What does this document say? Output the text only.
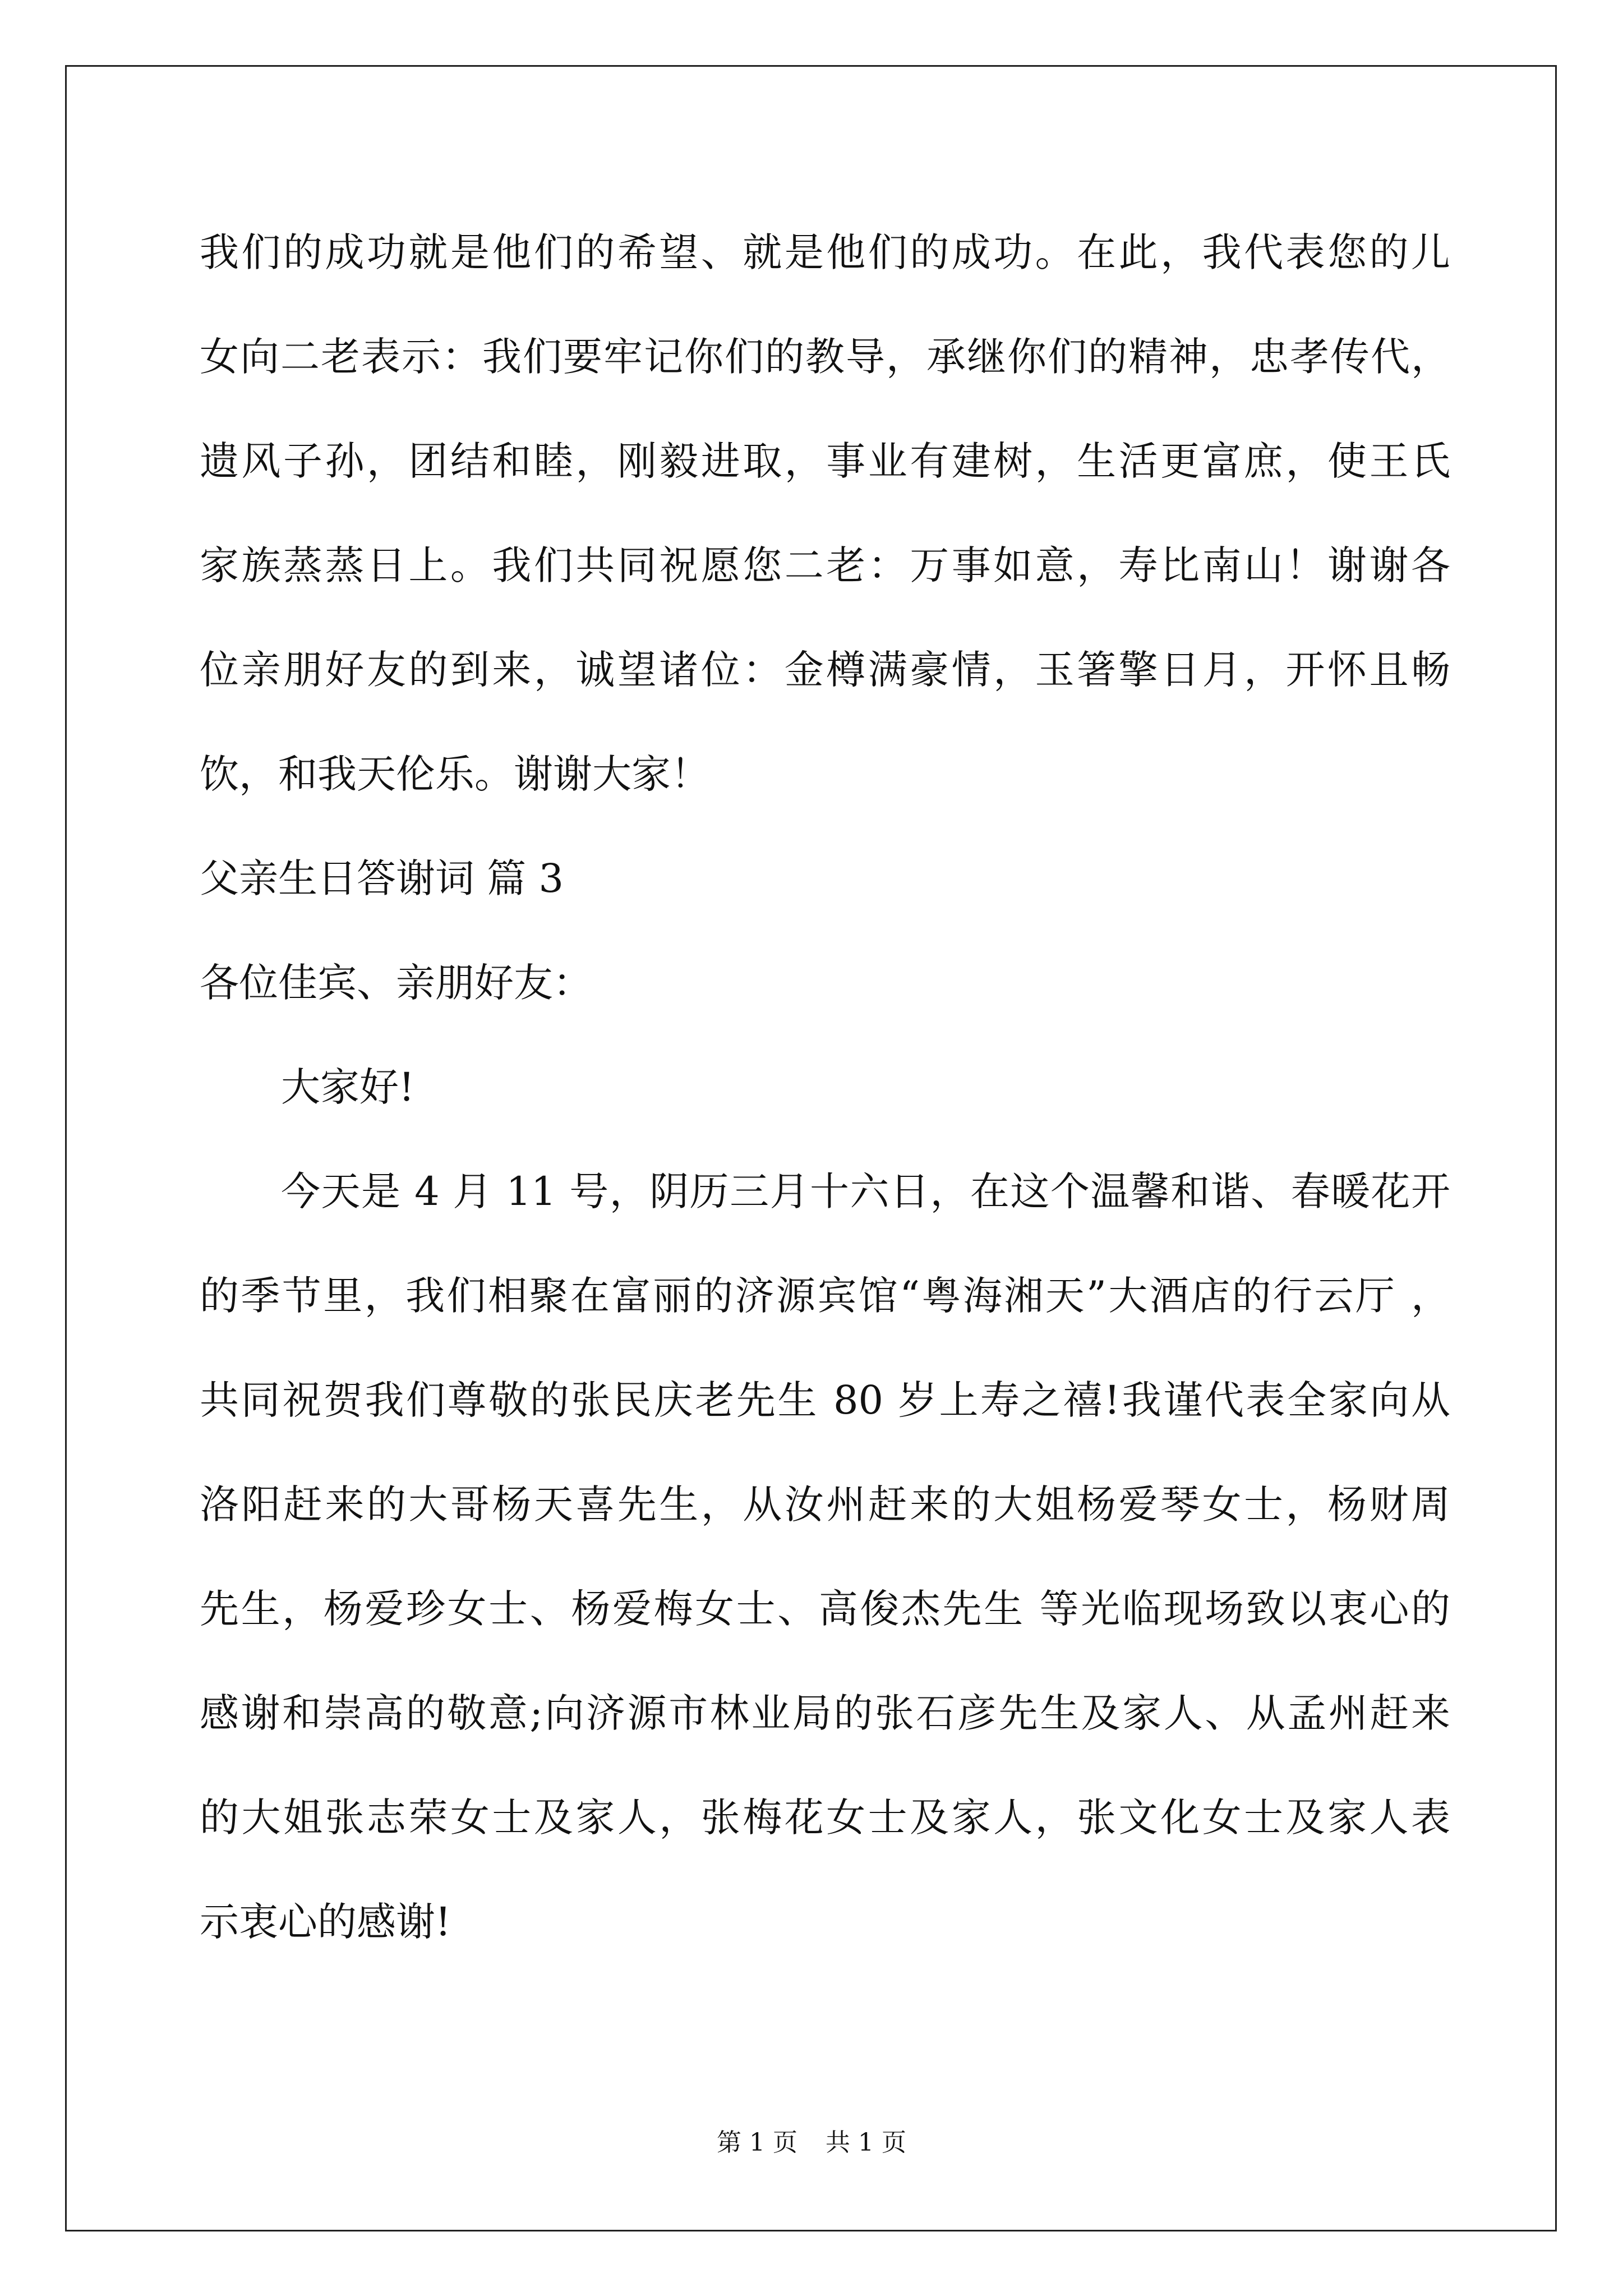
我们的成功就是他们的希望、就是他们的成功。在此，我代表您的儿
女向二老表示：我们要牢记你们的教导，承继你们的精神，忠孝传代，
遗风子孙，团结和睦，刚毅进取，事业有建树，生活更富庶，使王氏
家族蒸蒸日上。我们共同祝愿您二老：万事如意，寿比南山！谢谢各
位亲朋好友的到来，诚望诸位：金樽满豪情，玉箸擎日月，开怀且畅
饮，和我天伦乐。谢谢大家！
父亲生日答谢词 篇 3
各位佳宾、亲朋好友：
大家好!
今天是 4 月 11 号，阴历三月十六日，在这个温馨和谐、春暖花开
的季节里，我们相聚在富丽的济源宾馆“粤海湘天”大酒店的行云厅 ，
共同祝贺我们尊敬的张民庆老先生 80 岁上寿之禧!我谨代表全家向从
洛阳赶来的大哥杨天喜先生，从汝州赶来的大姐杨爱琴女士，杨财周
先生，杨爱珍女士、杨爱梅女士、高俊杰先生 等光临现场致以衷心的
感谢和崇高的敬意;向济源市林业局的张石彦先生及家人、从孟州赶来
的大姐张志荣女士及家人，张梅花女士及家人，张文化女士及家人表
示衷心的感谢!
第 1 页 共 1 页
